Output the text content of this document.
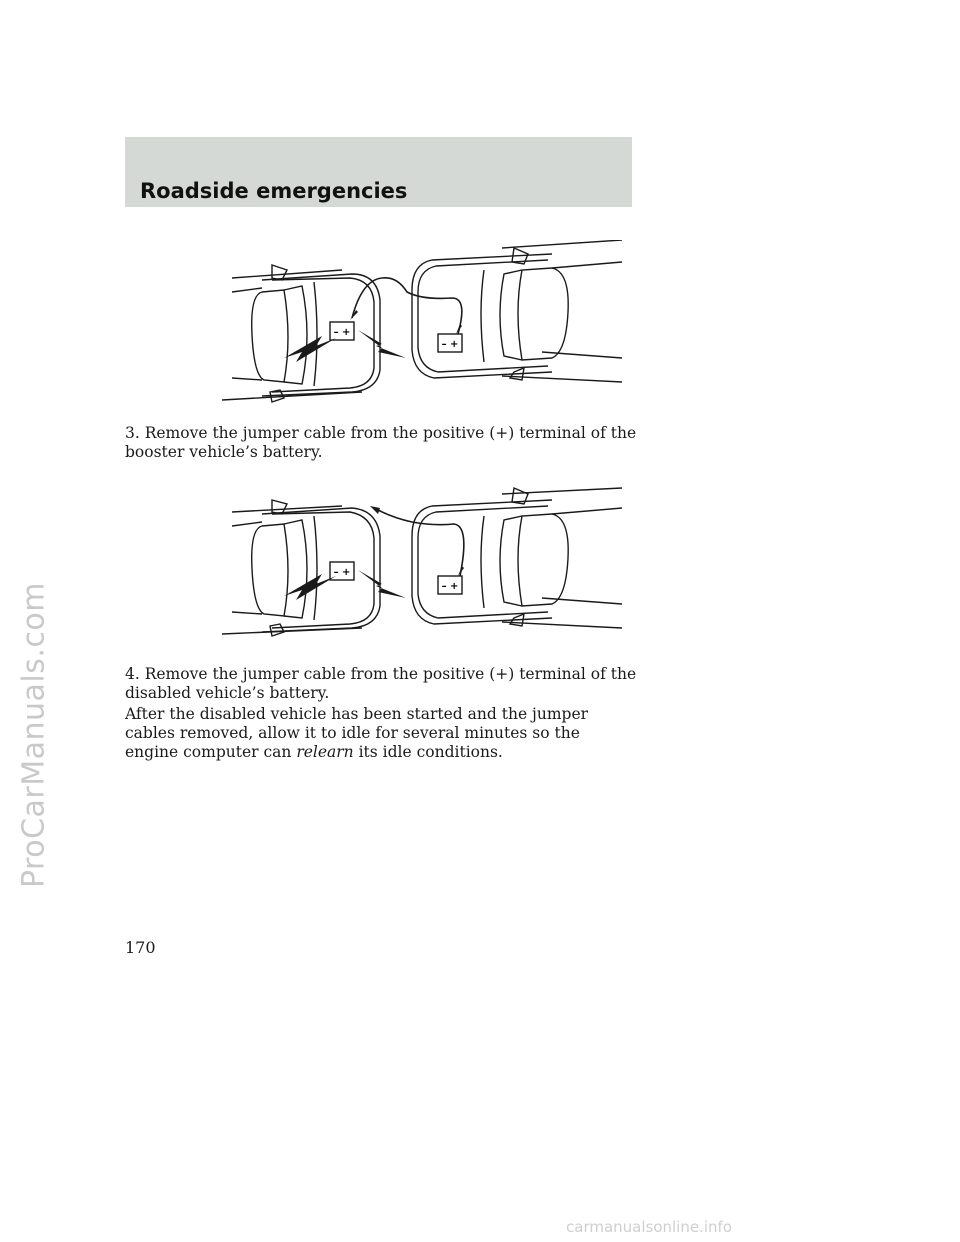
Roadside emergencies
– +
– +

3. Remove the jumper cable from the positive (+) terminal of the booster vehicle’s battery.

– +
– +

4. Remove the jumper cable from the positive (+) terminal of the disabled vehicle’s battery.

After the disabled vehicle has been started and the jumper cables removed, allow it to idle for several minutes so the engine computer can relearn its idle conditions.

170

ProCarManuals.com
carmanualsonline.info
